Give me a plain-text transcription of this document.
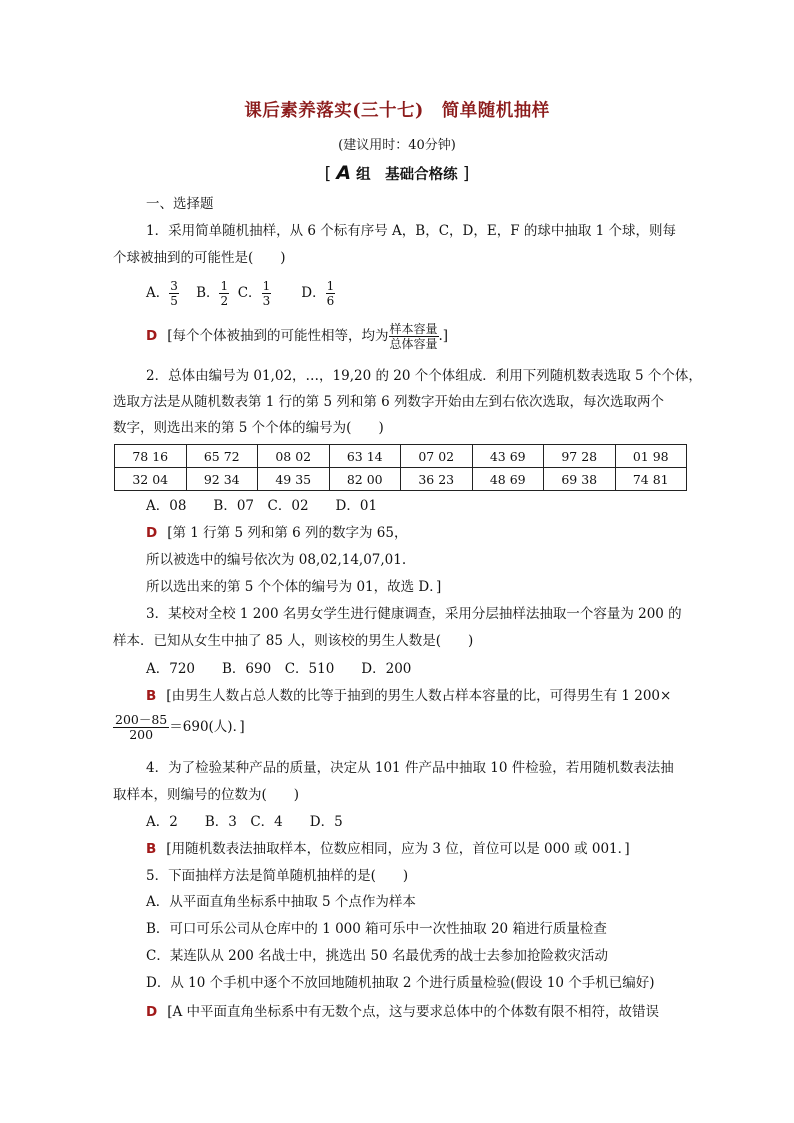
课后素养落实(三十七) 简单随机抽样
(建议用时：40分钟)
[ A 组　基础合格练 ]
一、选择题
1．采用简单随机抽样，从 6 个标有序号 A，B，C，D，E，F 的球中抽取 1 个球，则每
个球被抽到的可能性是(　　)
A． $\frac{3}{5}$ B． $\frac{1}{2}$ C． $\frac{1}{3}$ D． $\frac{1}{6}$
D [每个个体被抽到的可能性相等，均为 $\frac{\text{样本容量}}{\text{总体容量}}$ .]
2．总体由编号为 01,02，…，19,20 的 20 个个体组成．利用下列随机数表选取 5 个个体，
选取方法是从随机数表第 1 行的第 5 列和第 6 列数字开始由左到右依次选取，每次选取两个
数字，则选出来的第 5 个个体的编号为(　　)
78 16	65 72	08 02	63 14	07 02	43 69	97 28	01 98
32 04	92 34	49 35	82 00	36 23	48 69	69 38	74 81
A．08　　B．07　C．02　　D．01
D [第 1 行第 5 列和第 6 列的数字为 65，
所以被选中的编号依次为 08,02,14,07,01.
所以选出来的第 5 个个体的编号为 01，故选 D．]
3．某校对全校 1 200 名男女学生进行健康调查，采用分层抽样法抽取一个容量为 200 的
样本．已知从女生中抽了 85 人，则该校的男生人数是(　　)
A．720　　B．690　C．510　　D．200
B [由男生人数占总人数的比等于抽到的男生人数占样本容量的比，可得男生有 1 200×
$\frac{200-85}{200} =690$(人)．]
4．为了检验某种产品的质量，决定从 101 件产品中抽取 10 件检验，若用随机数表法抽
取样本，则编号的位数为(　　)
A．2　　B．3　C．4　　D．5
B [用随机数表法抽取样本，位数应相同，应为 3 位，首位可以是 000 或 001．]
5．下面抽样方法是简单随机抽样的是(　　)
A．从平面直角坐标系中抽取 5 个点作为样本
B．可口可乐公司从仓库中的 1 000 箱可乐中一次性抽取 20 箱进行质量检查
C．某连队从 200 名战士中，挑选出 50 名最优秀的战士去参加抢险救灾活动
D．从 10 个手机中逐个不放回地随机抽取 2 个进行质量检验(假设 10 个手机已编好)
D [A 中平面直角坐标系中有无数个点，这与要求总体中的个体数有限不相符，故错误
